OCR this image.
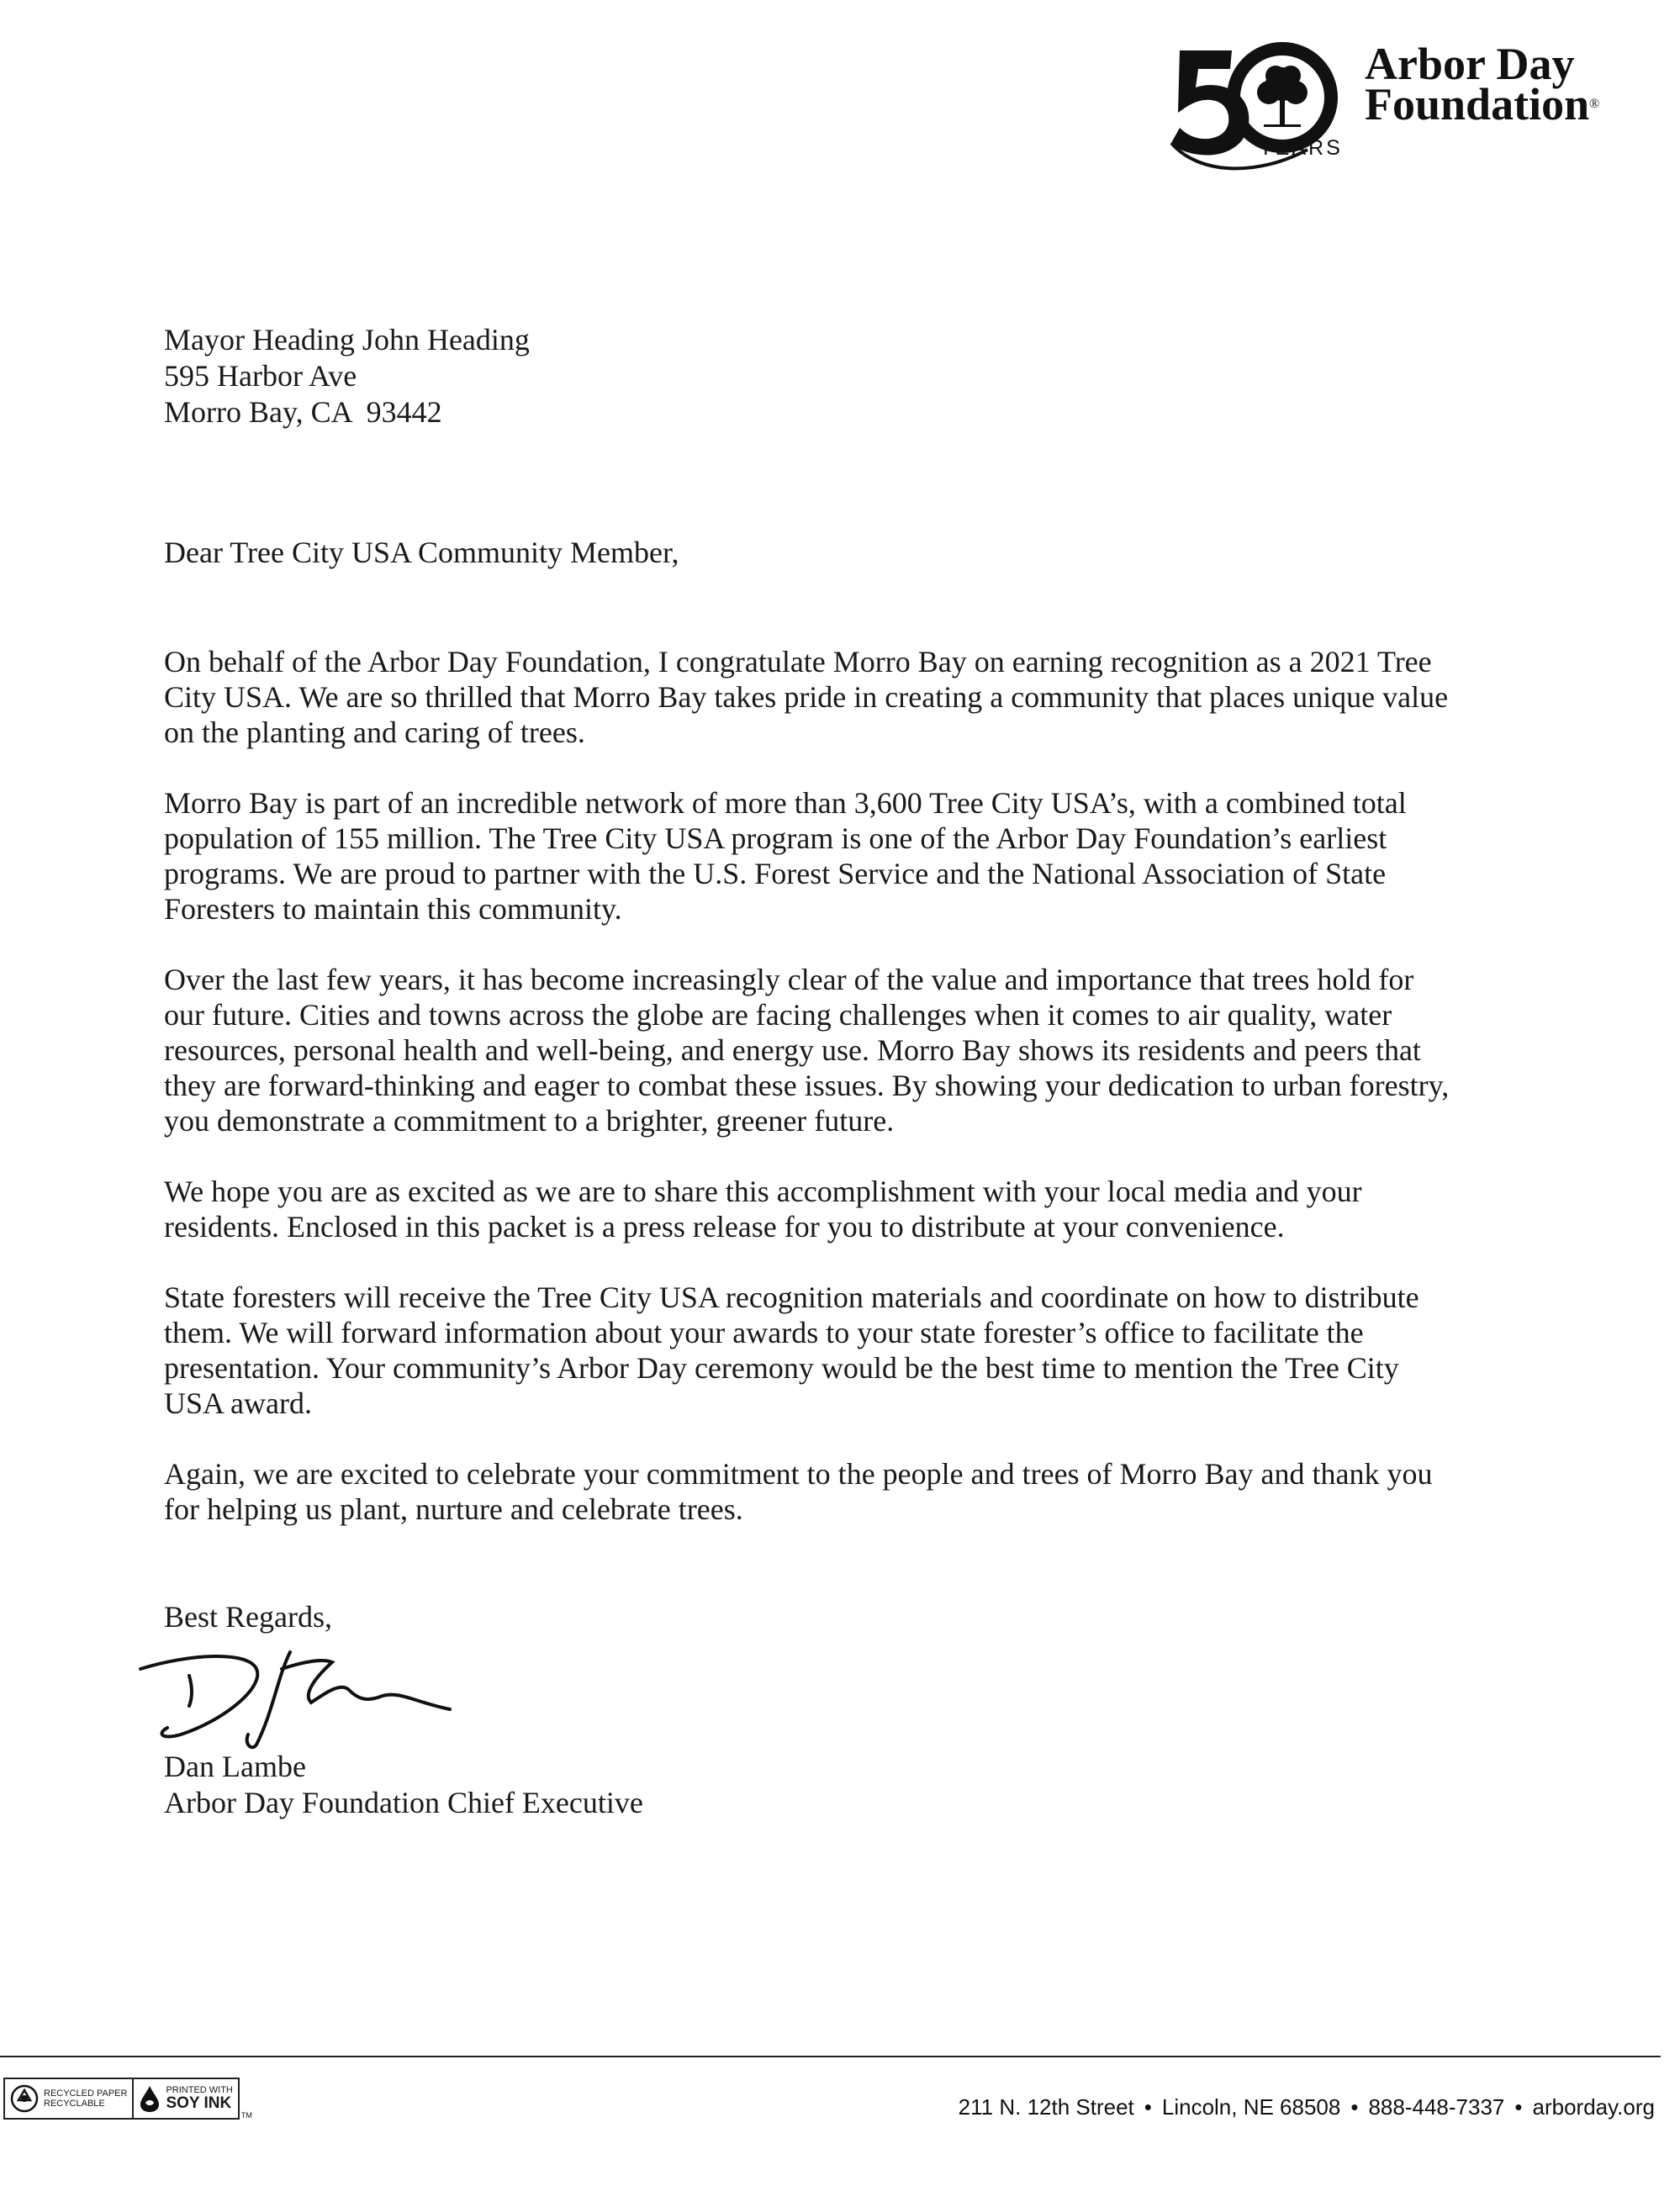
YEARS
Arbor Day
Foundation®
Mayor Heading John Heading
595 Harbor Ave
Morro Bay, CA  93442
Dear Tree City USA Community Member,

On behalf of the Arbor Day Foundation, I congratulate Morro Bay on earning recognition as a 2021 Tree
City USA. We are so thrilled that Morro Bay takes pride in creating a community that places unique value
on the planting and caring of trees.

Morro Bay is part of an incredible network of more than 3,600 Tree City USA’s, with a combined total
population of 155 million. The Tree City USA program is one of the Arbor Day Foundation’s earliest
programs. We are proud to partner with the U.S. Forest Service and the National Association of State
Foresters to maintain this community.

Over the last few years, it has become increasingly clear of the value and importance that trees hold for
our future. Cities and towns across the globe are facing challenges when it comes to air quality, water
resources, personal health and well-being, and energy use. Morro Bay shows its residents and peers that
they are forward-thinking and eager to combat these issues. By showing your dedication to urban forestry,
you demonstrate a commitment to a brighter, greener future.

We hope you are as excited as we are to share this accomplishment with your local media and your
residents. Enclosed in this packet is a press release for you to distribute at your convenience.

State foresters will receive the Tree City USA recognition materials and coordinate on how to distribute
them. We will forward information about your awards to your state forester’s office to facilitate the
presentation. Your community’s Arbor Day ceremony would be the best time to mention the Tree City
USA award.

Again, we are excited to celebrate your commitment to the people and trees of Morro Bay and thank you
for helping us plant, nurture and celebrate trees.

Best Regards,
Dan Lambe
Arbor Day Foundation Chief Executive
RECYCLED PAPER
RECYCLABLE
PRINTED WITH
SOY INK
TM	211 N. 12th Street • Lincoln, NE 68508 • 888-448-7337 • arborday.org
